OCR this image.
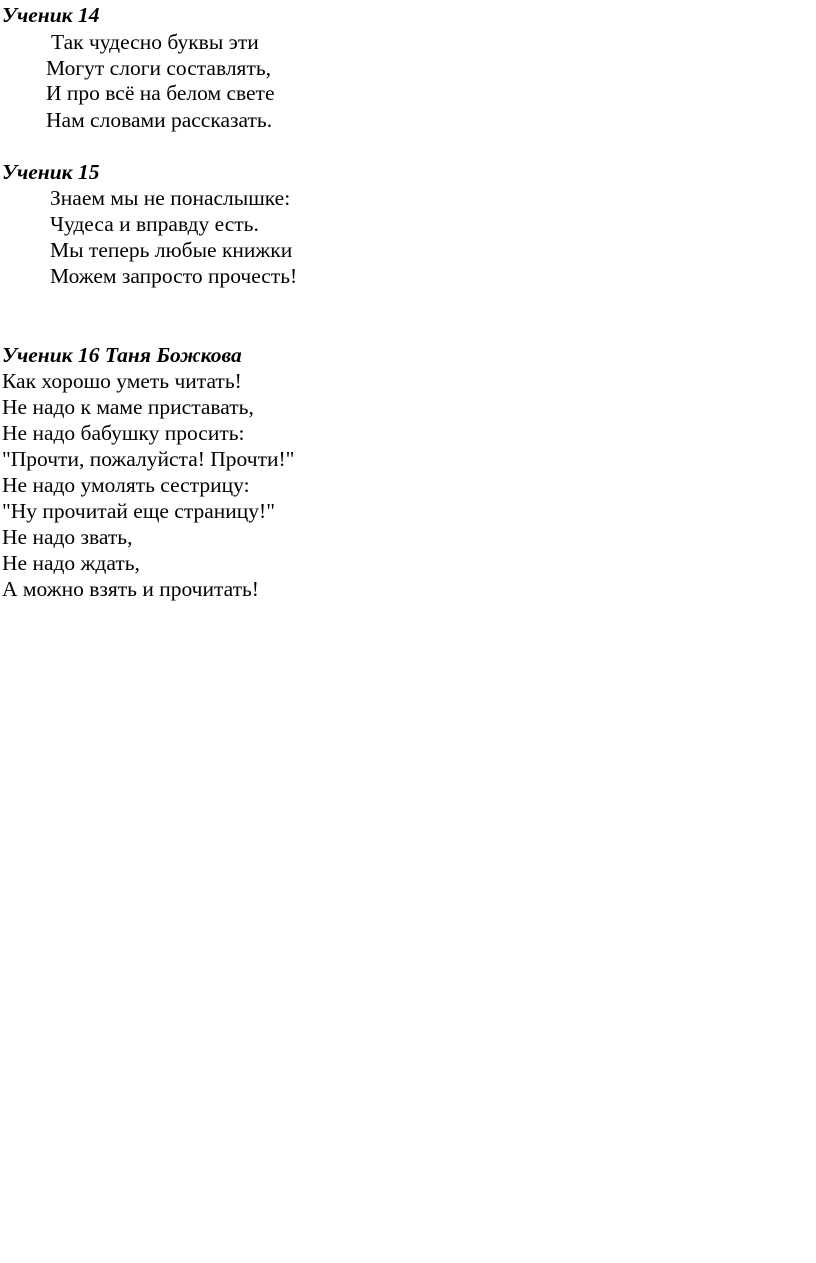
Ученик 14
Так чудесно буквы эти
Могут слоги составлять,
И про всё на белом свете
Нам словами рассказать.
Ученик 15
Знаем мы не понаслышке:
Чудеса и вправду есть.
Мы теперь любые книжки
Можем запросто прочесть!
Ученик 16 Таня Божкова
Как хорошо уметь читать!
Не надо к маме приставать,
Не надо бабушку просить:
"Прочти, пожалуйста! Прочти!"
Не надо умолять сестрицу:
"Ну прочитай еще страницу!"
Не надо звать,
Не надо ждать,
А можно взять и прочитать!
